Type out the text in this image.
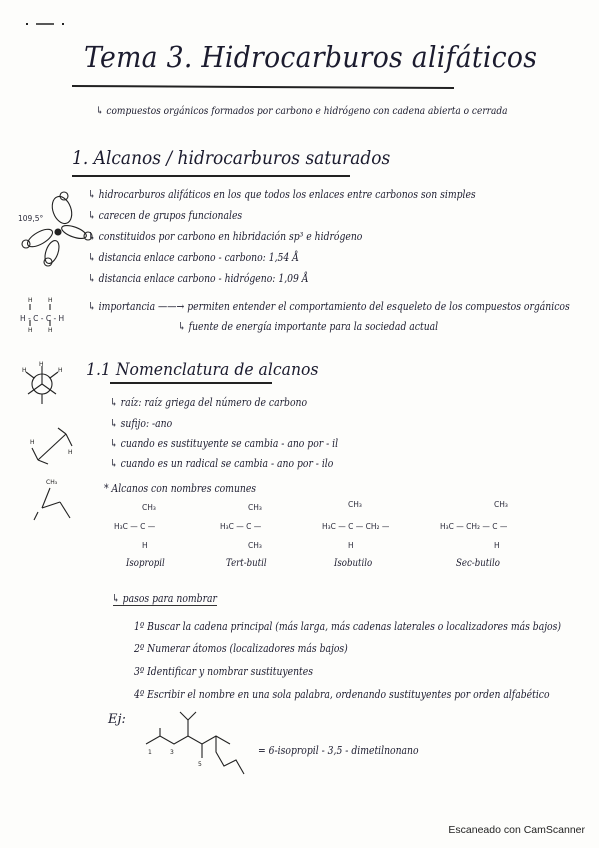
Tema 3. Hidrocarburos alifáticos
↳ compuestos orgánicos formados por carbono e hidrógeno con cadena abierta o cerrada
1. Alcanos / hidrocarburos saturados
↳ hidrocarburos alifáticos en los que todos los enlaces entre carbonos son simples
↳ carecen de grupos funcionales
↳ constituidos por carbono en hibridación sp³ e hidrógeno
↳ distancia enlace carbono - carbono: 1,54 Å
↳ distancia enlace carbono - hidrógeno: 1,09 Å
↳ importancia ——→ permiten entender el comportamiento del esqueleto de los compuestos orgánicos
↳ fuente de energía importante para la sociedad actual
109,5°
H	H
H	H
H - C - C - H
H
H	H
H
H
CH₃
1.1 Nomenclatura de alcanos
↳ raíz: raíz griega del número de carbono
↳ sufijo: -ano
↳ cuando es sustituyente se cambia - ano por - il
↳ cuando es un radical se cambia - ano por - ilo
* Alcanos con nombres comunes
CH₃
H₃C — C —
H
Isopropil
CH₃
H₃C — C —
CH₃
Tert-butil
CH₃
H₃C — C — CH₂ —
H
Isobutilo
CH₃
H₃C — CH₂ — C —
H
Sec-butilo
↳ pasos para nombrar
1º Buscar la cadena principal (más larga, más cadenas laterales o localizadores más bajos)
2º Numerar átomos (localizadores más bajos)
3º Identificar y nombrar sustituyentes
4º Escribir el nombre en una sola palabra, ordenando sustituyentes por orden alfabético
Ej:
1	3
5
= 6-isopropil - 3,5 - dimetilnonano
Escaneado con CamScanner
